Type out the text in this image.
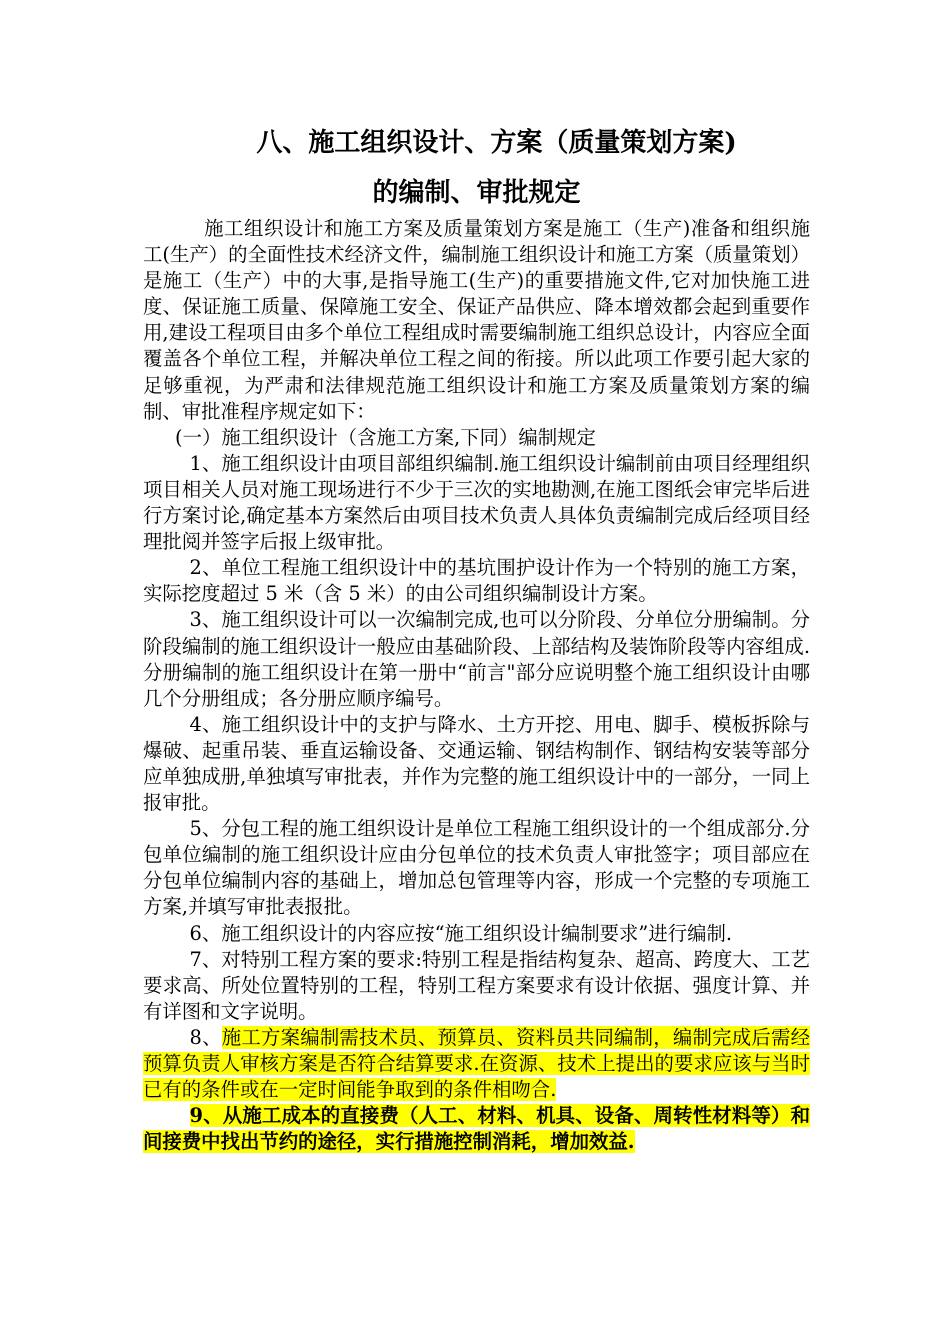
八、施工组织设计、方案（质量策划方案)
的编制、审批规定

施工组织设计和施工方案及质量策划方案是施工（生产)准备和组织施工(生产）的全面性技术经济文件，编制施工组织设计和施工方案（质量策划）是施工（生产）中的大事,是指导施工(生产)的重要措施文件,它对加快施工进度、保证施工质量、保障施工安全、保证产品供应、降本增效都会起到重要作用,建设工程项目由多个单位工程组成时需要编制施工组织总设计，内容应全面覆盖各个单位工程，并解决单位工程之间的衔接。所以此项工作要引起大家的足够重视，为严肃和法律规范施工组织设计和施工方案及质量策划方案的编制、审批准程序规定如下：

(一）施工组织设计（含施工方案,下同）编制规定

1、施工组织设计由项目部组织编制.施工组织设计编制前由项目经理组织项目相关人员对施工现场进行不少于三次的实地勘测,在施工图纸会审完毕后进行方案讨论,确定基本方案然后由项目技术负责人具体负责编制完成后经项目经理批阅并签字后报上级审批。

2、单位工程施工组织设计中的基坑围护设计作为一个特别的施工方案，实际挖度超过 5 米（含 5 米）的由公司组织编制设计方案。

3、施工组织设计可以一次编制完成,也可以分阶段、分单位分册编制。分阶段编制的施工组织设计一般应由基础阶段、上部结构及装饰阶段等内容组成.分册编制的施工组织设计在第一册中“前言"部分应说明整个施工组织设计由哪几个分册组成；各分册应顺序编号。

4、施工组织设计中的支护与降水、土方开挖、用电、脚手、模板拆除与爆破、起重吊装、垂直运输设备、交通运输、钢结构制作、钢结构安装等部分应单独成册,单独填写审批表，并作为完整的施工组织设计中的一部分，一同上报审批。

5、分包工程的施工组织设计是单位工程施工组织设计的一个组成部分.分包单位编制的施工组织设计应由分包单位的技术负责人审批签字；项目部应在分包单位编制内容的基础上，增加总包管理等内容，形成一个完整的专项施工方案,并填写审批表报批。

6、施工组织设计的内容应按“施工组织设计编制要求”进行编制.

7、对特别工程方案的要求:特别工程是指结构复杂、超高、跨度大、工艺要求高、所处位置特别的工程，特别工程方案要求有设计依据、强度计算、并有详图和文字说明。

8、施工方案编制需技术员、预算员、资料员共同编制，编制完成后需经预算负责人审核方案是否符合结算要求.在资源、技术上提出的要求应该与当时已有的条件或在一定时间能争取到的条件相吻合.

9、从施工成本的直接费（人工、材料、机具、设备、周转性材料等）和间接费中找出节约的途径，实行措施控制消耗，增加效益.
